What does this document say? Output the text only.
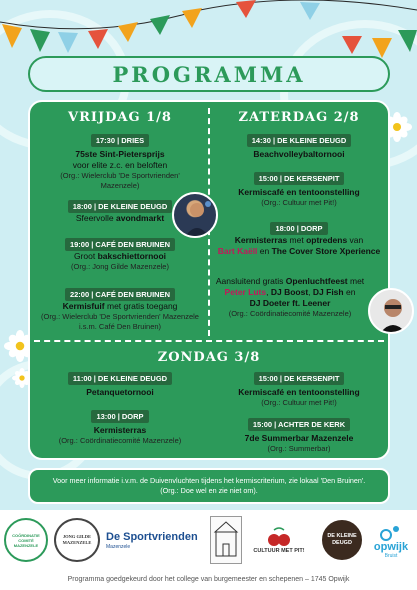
PROGRAMMA
VRIJDAG 1/8	ZATERDAG 2/8
ZONDAG 3/8
17:30 | DRIES
75ste Sint-Pietersprijs
voor elite z.c. en beloften
(Org.: Wielerclub 'De Sportvrienden' Mazenzele)
18:00 | DE KLEINE DEUGD
Sfeervolle avondmarkt
19:00 | CAFÉ DEN BRUINEN
Groot bakschiettornooi
(Org.: Jong Gilde Mazenzele)
22:00 | CAFÉ DEN BRUINEN
Kermisfuif met gratis toegang
(Org.: Wielerclub 'De Sportvrienden' Mazenzele
i.s.m. Café Den Bruinen)
14:30 | DE KLEINE DEUGD
Beachvolleybaltornooi
15:00 | DE KERSENPIT
Kermiscafé en tentoonstelling
(Org.: Cultuur met Pit!)
18:00 | DORP
Kermisterras met optredens van
Bart Kaëll en The Cover Store Xperience
Aansluitend gratis Openluchtfeest met
Peter Luts, DJ Boost, DJ Fish en
DJ Doeter ft. Leener
(Org.: Coördinatiecomité Mazenzele)
11:00 | DE KLEINE DEUGD
Petanquetornooi
13:00 | DORP
Kermisterras
(Org.: Coördinatiecomité Mazenzele)
15:00 | DE KERSENPIT
Kermiscafé en tentoonstelling
(Org.: Cultuur met Pit!)
15:00 | ACHTER DE KERK
7de Summerbar Mazenzele
(Org.: Summerbar)
Voor meer informatie i.v.m. de Duivenvluchten tijdens het kermiscriterium, zie lokaal 'Den Bruinen'.
(Org.: Doe wel en zie niet om).
COÖRDINATIE COMITÉ MAZENZELE
JONG GILDE MAZENZELE	De Sportvrienden
Mazenzele
CULTUUR MET PIT!
DE KLEINE DEUGD	opwijk
Bruist
Programma goedgekeurd door het college van burgemeester en schepenen – 1745 Opwijk
